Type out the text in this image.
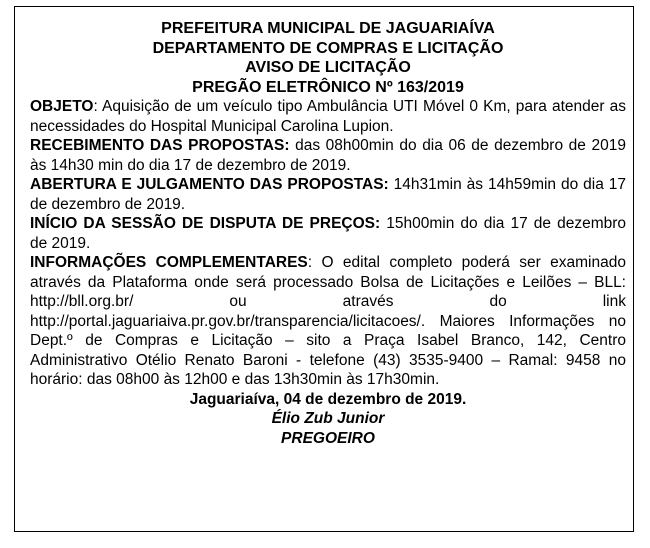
PREFEITURA MUNICIPAL DE JAGUARIAÍVA
DEPARTAMENTO DE COMPRAS E LICITAÇÃO
AVISO DE LICITAÇÃO
PREGÃO ELETRÔNICO Nº 163/2019

OBJETO: Aquisição de um veículo tipo Ambulância UTI Móvel 0 Km, para atender as necessidades do Hospital Municipal Carolina Lupion.

RECEBIMENTO DAS PROPOSTAS: das 08h00min do dia 06 de dezembro de 2019 às 14h30 min do dia 17 de dezembro de 2019.

ABERTURA E JULGAMENTO DAS PROPOSTAS: 14h31min às 14h59min do dia 17 de dezembro de 2019.

INÍCIO DA SESSÃO DE DISPUTA DE PREÇOS: 15h00min do dia 17 de dezembro de 2019.

INFORMAÇÕES COMPLEMENTARES: O edital completo poderá ser examinado através da Plataforma onde será processado Bolsa de Licitações e Leilões – BLL: http://bll.org.br/ ou através do link http://portal.jaguariaiva.pr.gov.br/transparencia/licitacoes/. Maiores Informações no Dept.º de Compras e Licitação – sito a Praça Isabel Branco, 142, Centro Administrativo Otélio Renato Baroni - telefone (43) 3535-9400 – Ramal: 9458 no horário: das 08h00 às 12h00 e das 13h30min às 17h30min.

Jaguariaíva, 04 de dezembro de 2019.
Élio Zub Junior
PREGOEIRO
